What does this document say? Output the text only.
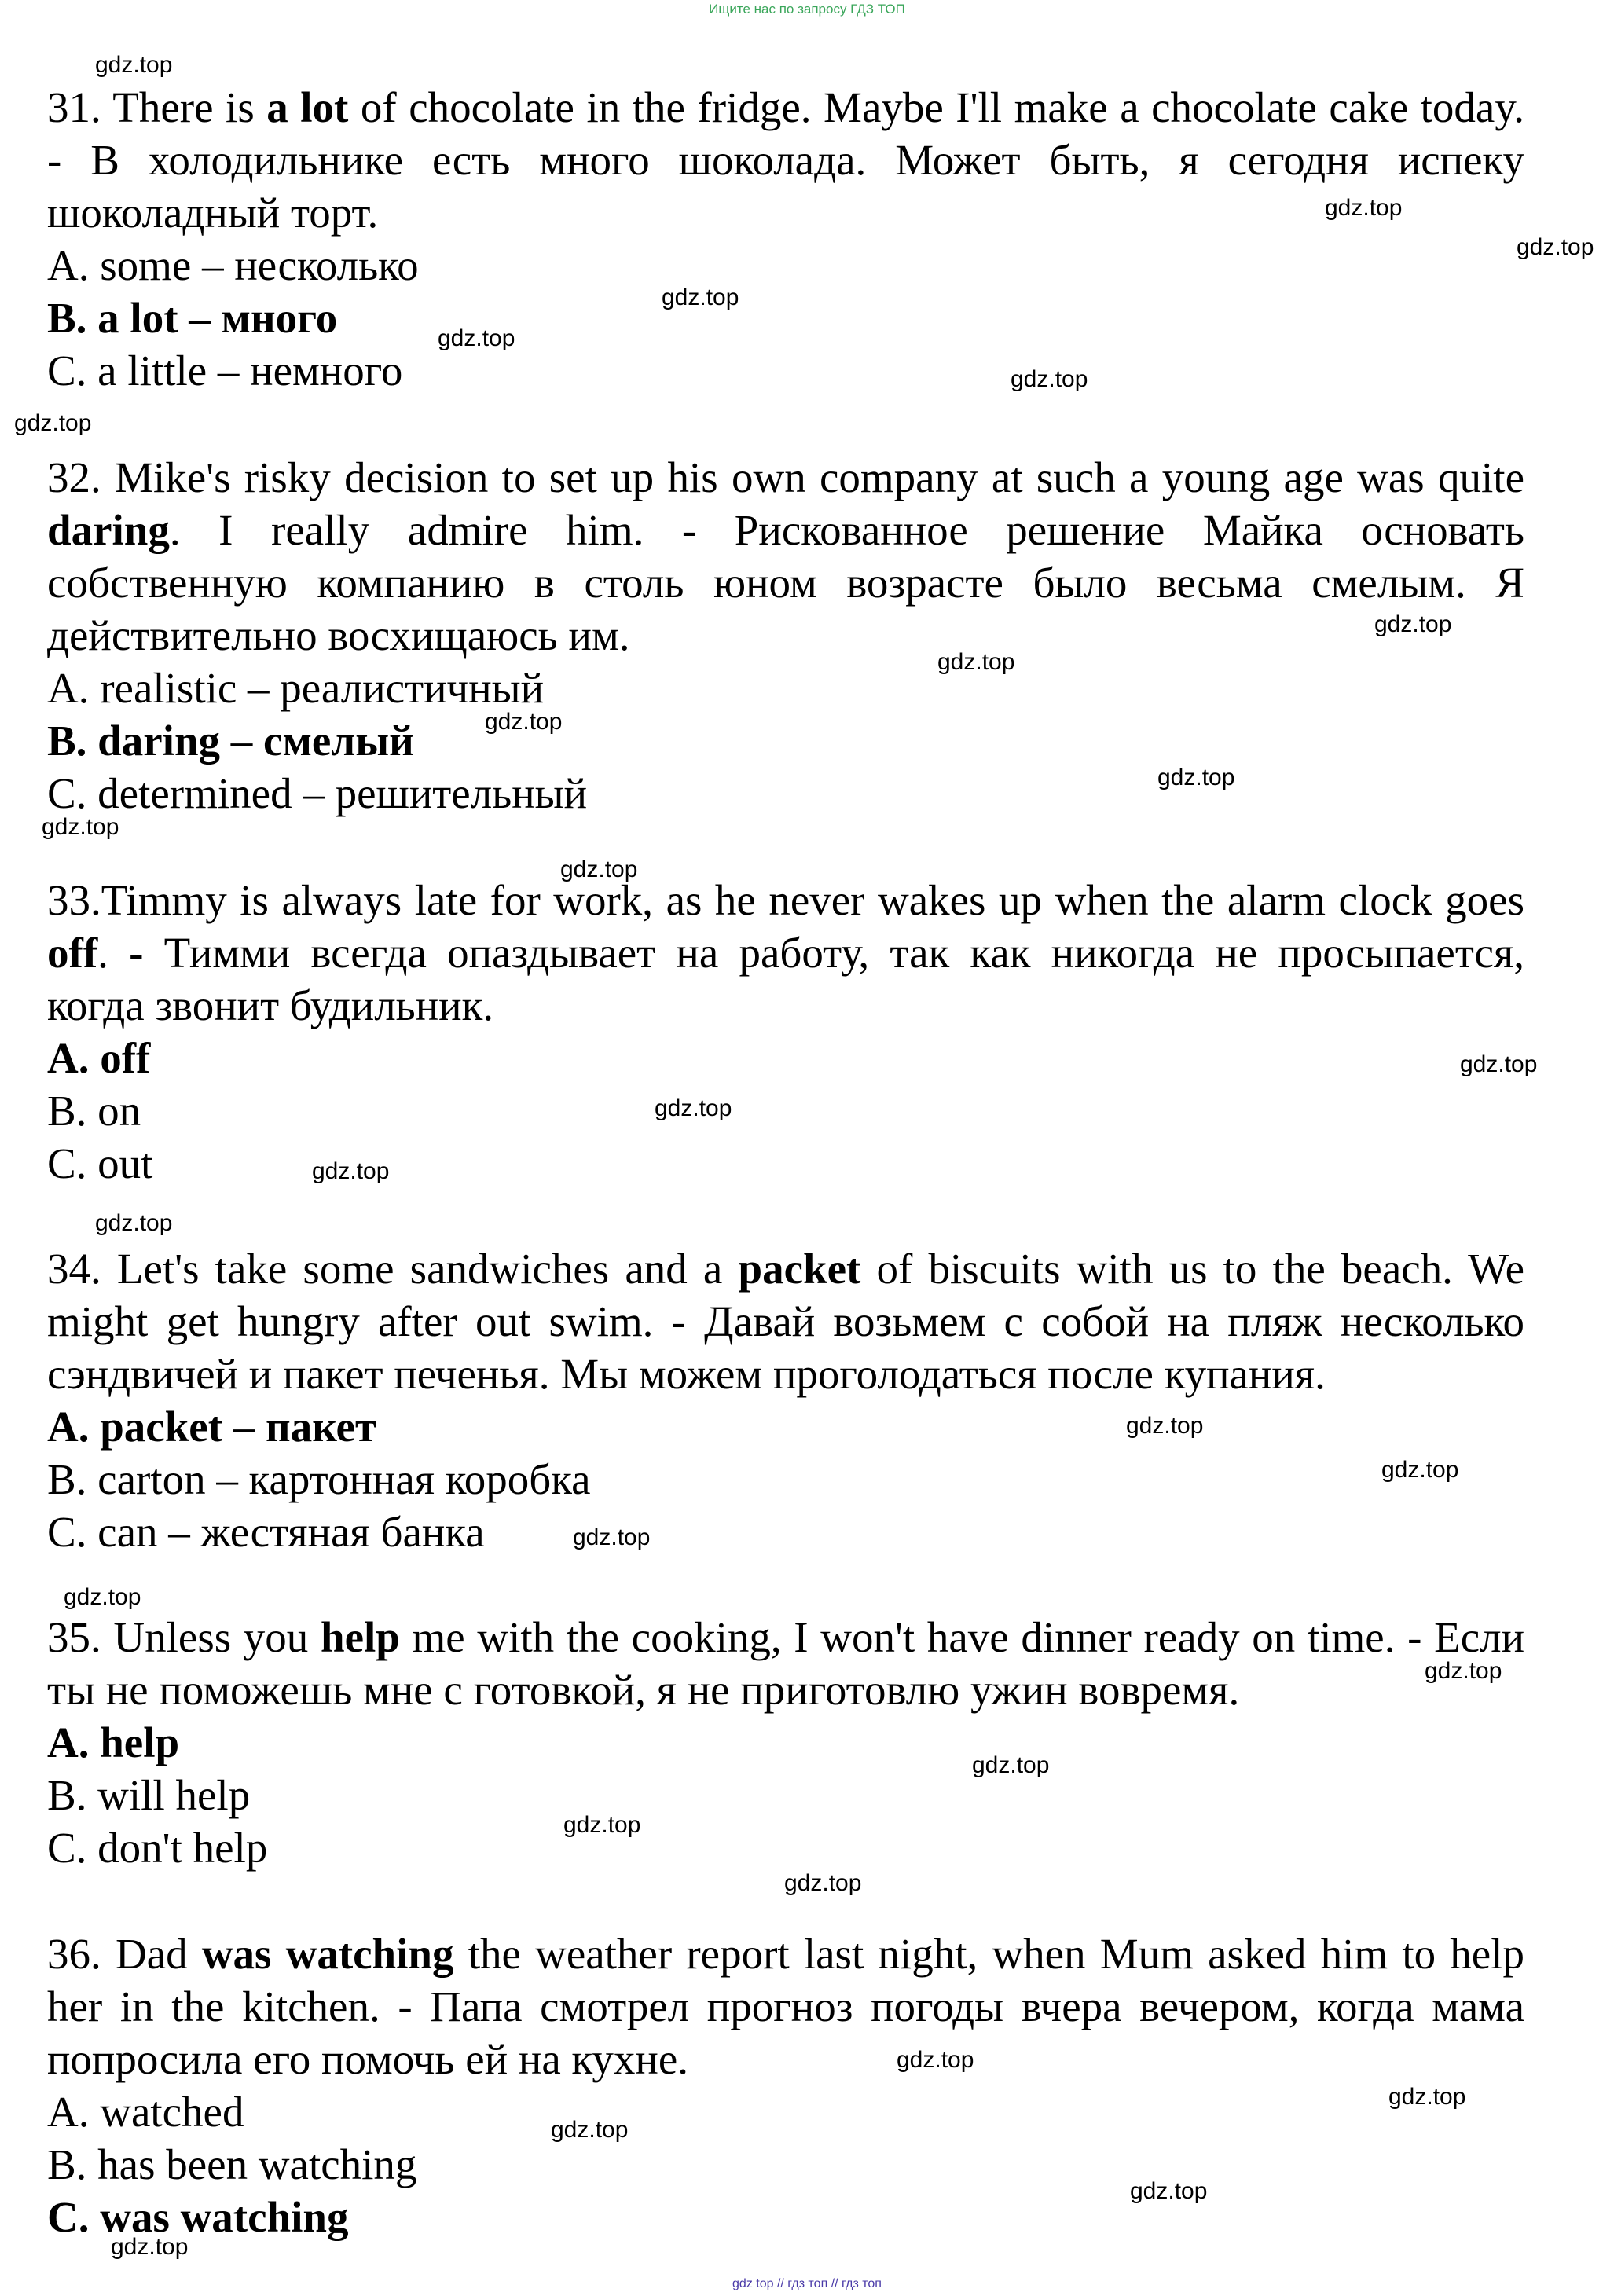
Ищите нас по запросу ГДЗ ТОП

31. There is a lot of chocolate in the fridge. Maybe I'll make a chocolate cake today. - В холодильнике есть много шоколада. Может быть, я сегодня испеку шоколадный торт.

A. some – несколько
B. a lot – много
C. a little – немного

32. Mike's risky decision to set up his own company at such a young age was quite daring. I really admire him. - Рискованное решение Майка основать собственную компанию в столь юном возрасте было весьма смелым. Я действительно восхищаюсь им.

A. realistic – реалистичный
B. daring – смелый
C. determined – решительный

33.Timmy is always late for work, as he never wakes up when the alarm clock goes off. - Тимми всегда опаздывает на работу, так как никогда не просыпается, когда звонит будильник.

A. off
B. on
C. out

34. Let's take some sandwiches and a packet of biscuits with us to the beach. We might get hungry after out swim. - Давай возьмем с собой на пляж несколько сэндвичей и пакет печенья. Мы можем проголодаться после купания.

A. packet – пакет
B. carton – картонная коробка
C. can – жестяная банка

35. Unless you help me with the cooking, I won't have dinner ready on time. - Если ты не поможешь мне с готовкой, я не приготовлю ужин вовремя.

A. help
B. will help
C. don't help

36. Dad was watching the weather report last night, when Mum asked him to help her in the kitchen. - Папа смотрел прогноз погоды вчера вечером, когда мама попросила его помочь ей на кухне.

A. watched
B. has been watching
C. was watching
gdz.top
gdz.top
gdz.top
gdz.top
gdz.top
gdz.top
gdz.top
gdz.top
gdz.top
gdz.top
gdz.top
gdz.top
gdz.top
gdz.top
gdz.top
gdz.top
gdz.top
gdz.top
gdz.top
gdz.top
gdz.top
gdz.top
gdz.top
gdz.top
gdz.top
gdz.top
gdz.top
gdz.top
gdz.top
gdz.top
gdz top // гдз топ // гдз топ
